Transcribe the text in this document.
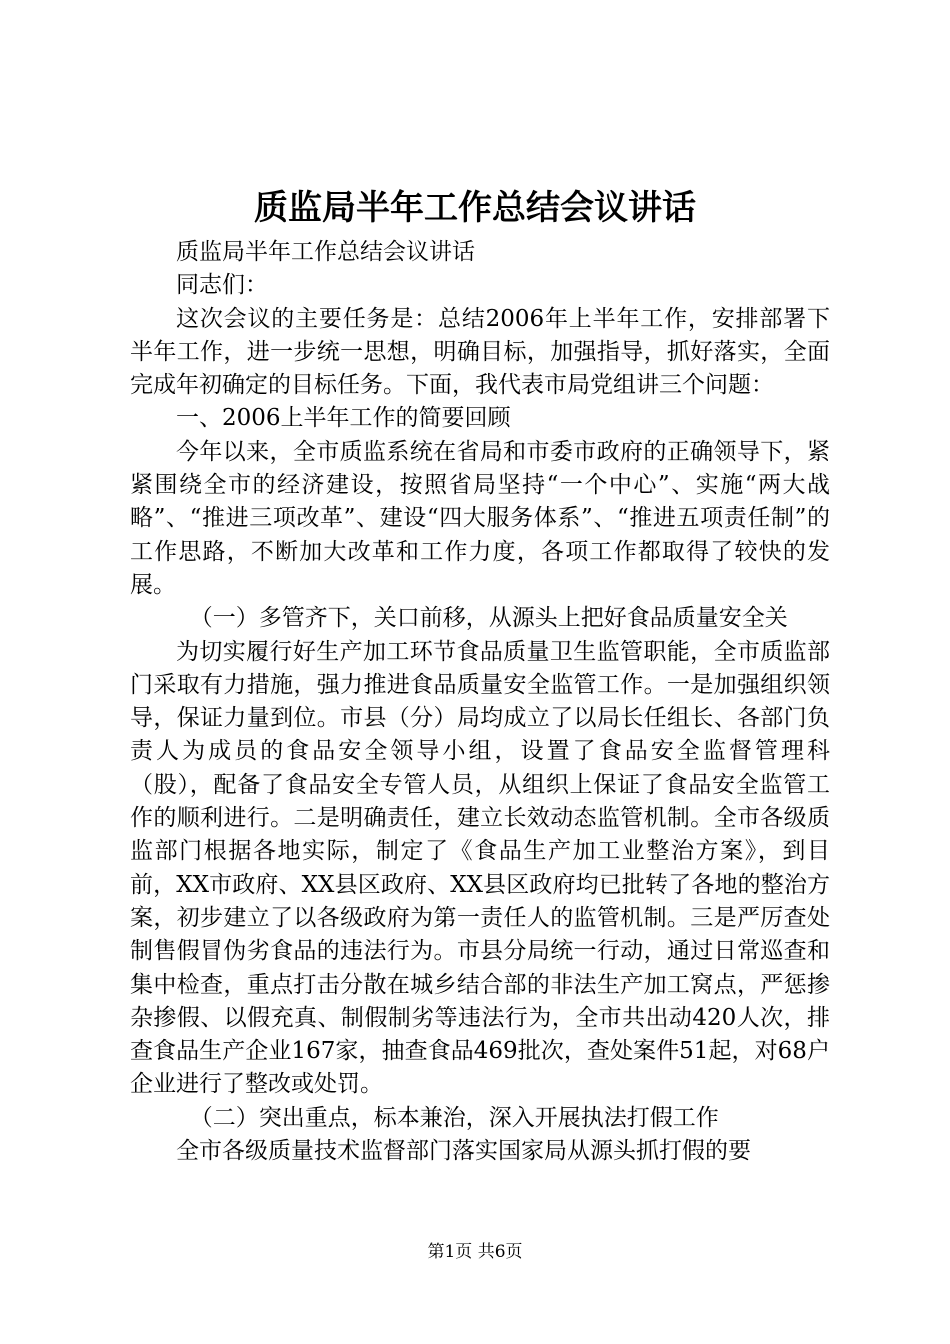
质监局半年工作总结会议讲话

质监局半年工作总结会议讲话

同志们：

这次会议的主要任务是：总结2006年上半年工作，安排部署下半年工作，进一步统一思想，明确目标，加强指导，抓好落实，全面完成年初确定的目标任务。下面，我代表市局党组讲三个问题：

一、2006上半年工作的简要回顾

今年以来，全市质监系统在省局和市委市政府的正确领导下，紧紧围绕全市的经济建设，按照省局坚持“一个中心”、实施“两大战略”、“推进三项改革”、建设“四大服务体系”、“推进五项责任制”的工作思路，不断加大改革和工作力度，各项工作都取得了较快的发展。

（一）多管齐下，关口前移，从源头上把好食品质量安全关

为切实履行好生产加工环节食品质量卫生监管职能，全市质监部门采取有力措施，强力推进食品质量安全监管工作。一是加强组织领导，保证力量到位。市县（分）局均成立了以局长任组长、各部门负责人为成员的食品安全领导小组，设置了食品安全监督管理科（股），配备了食品安全专管人员，从组织上保证了食品安全监管工作的顺利进行。二是明确责任，建立长效动态监管机制。全市各级质监部门根据各地实际，制定了《食品生产加工业整治方案》，到目前，XX市政府、XX县区政府、XX县区政府均已批转了各地的整治方案，初步建立了以各级政府为第一责任人的监管机制。三是严厉查处制售假冒伪劣食品的违法行为。市县分局统一行动，通过日常巡查和集中检查，重点打击分散在城乡结合部的非法生产加工窝点，严惩掺杂掺假、以假充真、制假制劣等违法行为，全市共出动420人次，排查食品生产企业167家，抽查食品469批次，查处案件51起，对68户企业进行了整改或处罚。

（二）突出重点，标本兼治，深入开展执法打假工作

全市各级质量技术监督部门落实国家局从源头抓打假的要

第1页 共6页
